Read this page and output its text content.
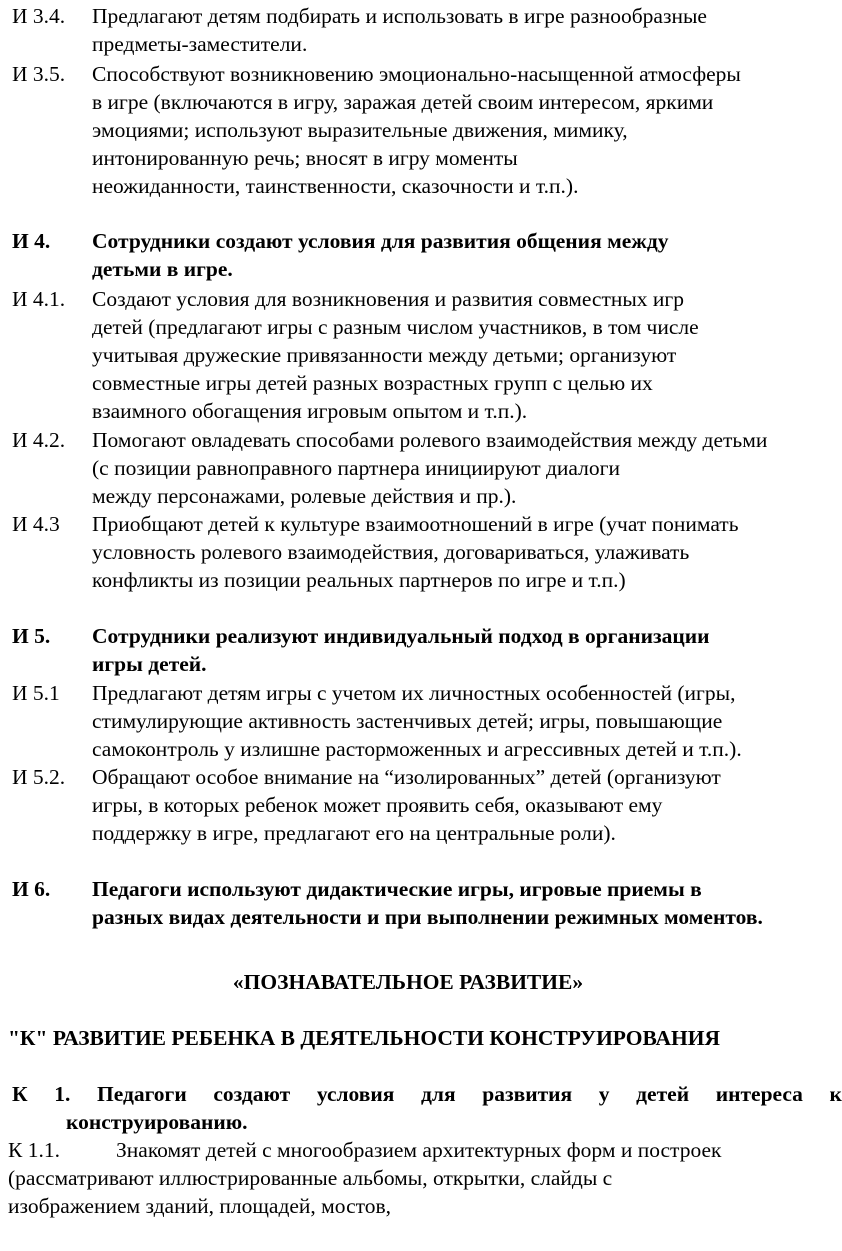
И 3.4. Предлагают детям подбирать и использовать в игре разнообразные
предметы-заместители.
И 3.5. Способствуют возникновению эмоционально-насыщенной атмосферы
в игре (включаются в игру, заражая детей своим интересом, яркими
эмоциями; используют выразительные движения, мимику,
интонированную речь; вносят в игру моменты
неожиданности, таинственности, сказочности и т.п.).
И 4. Сотрудники создают условия для развития общения между
детьми в игре.
И 4.1. Создают условия для возникновения и развития совместных игр
детей (предлагают игры с разным числом участников, в том числе
учитывая дружеские привязанности между детьми; организуют
совместные игры детей разных возрастных групп с целью их
взаимного обогащения игровым опытом и т.п.).
И 4.2. Помогают овладевать способами ролевого взаимодействия между детьми
(с позиции равноправного партнера инициируют диалоги
между персонажами, ролевые действия и пр.).
И 4.3 Приобщают детей к культуре взаимоотношений в игре (учат понимать
условность ролевого взаимодействия, договариваться, улаживать
конфликты из позиции реальных партнеров по игре и т.п.)
И 5. Сотрудники реализуют индивидуальный подход в организации
игры детей.
И 5.1 Предлагают детям игры с учетом их личностных особенностей (игры,
стимулирующие активность застенчивых детей; игры, повышающие
самоконтроль у излишне расторможенных и агрессивных детей и т.п.).
И 5.2. Обращают особое внимание на “изолированных” детей (организуют
игры, в которых ребенок может проявить себя, оказывают ему
поддержку в игре, предлагают его на центральные роли).
И 6. Педагоги используют дидактические игры, игровые приемы в
разных видах деятельности и при выполнении режимных моментов.
«ПОЗНАВАТЕЛЬНОЕ РАЗВИТИЕ»
"К" РАЗВИТИЕ РЕБЕНКА В ДЕЯТЕЛЬНОСТИ КОНСТРУИРОВАНИЯ
К 1. Педагоги создают условия для развития у детей интереса к
конструированию.
К 1.1.	Знакомят детей с многообразием архитектурных форм и построек
(рассматривают иллюстрированные альбомы, открытки, слайды с
изображением зданий, площадей, мостов,
